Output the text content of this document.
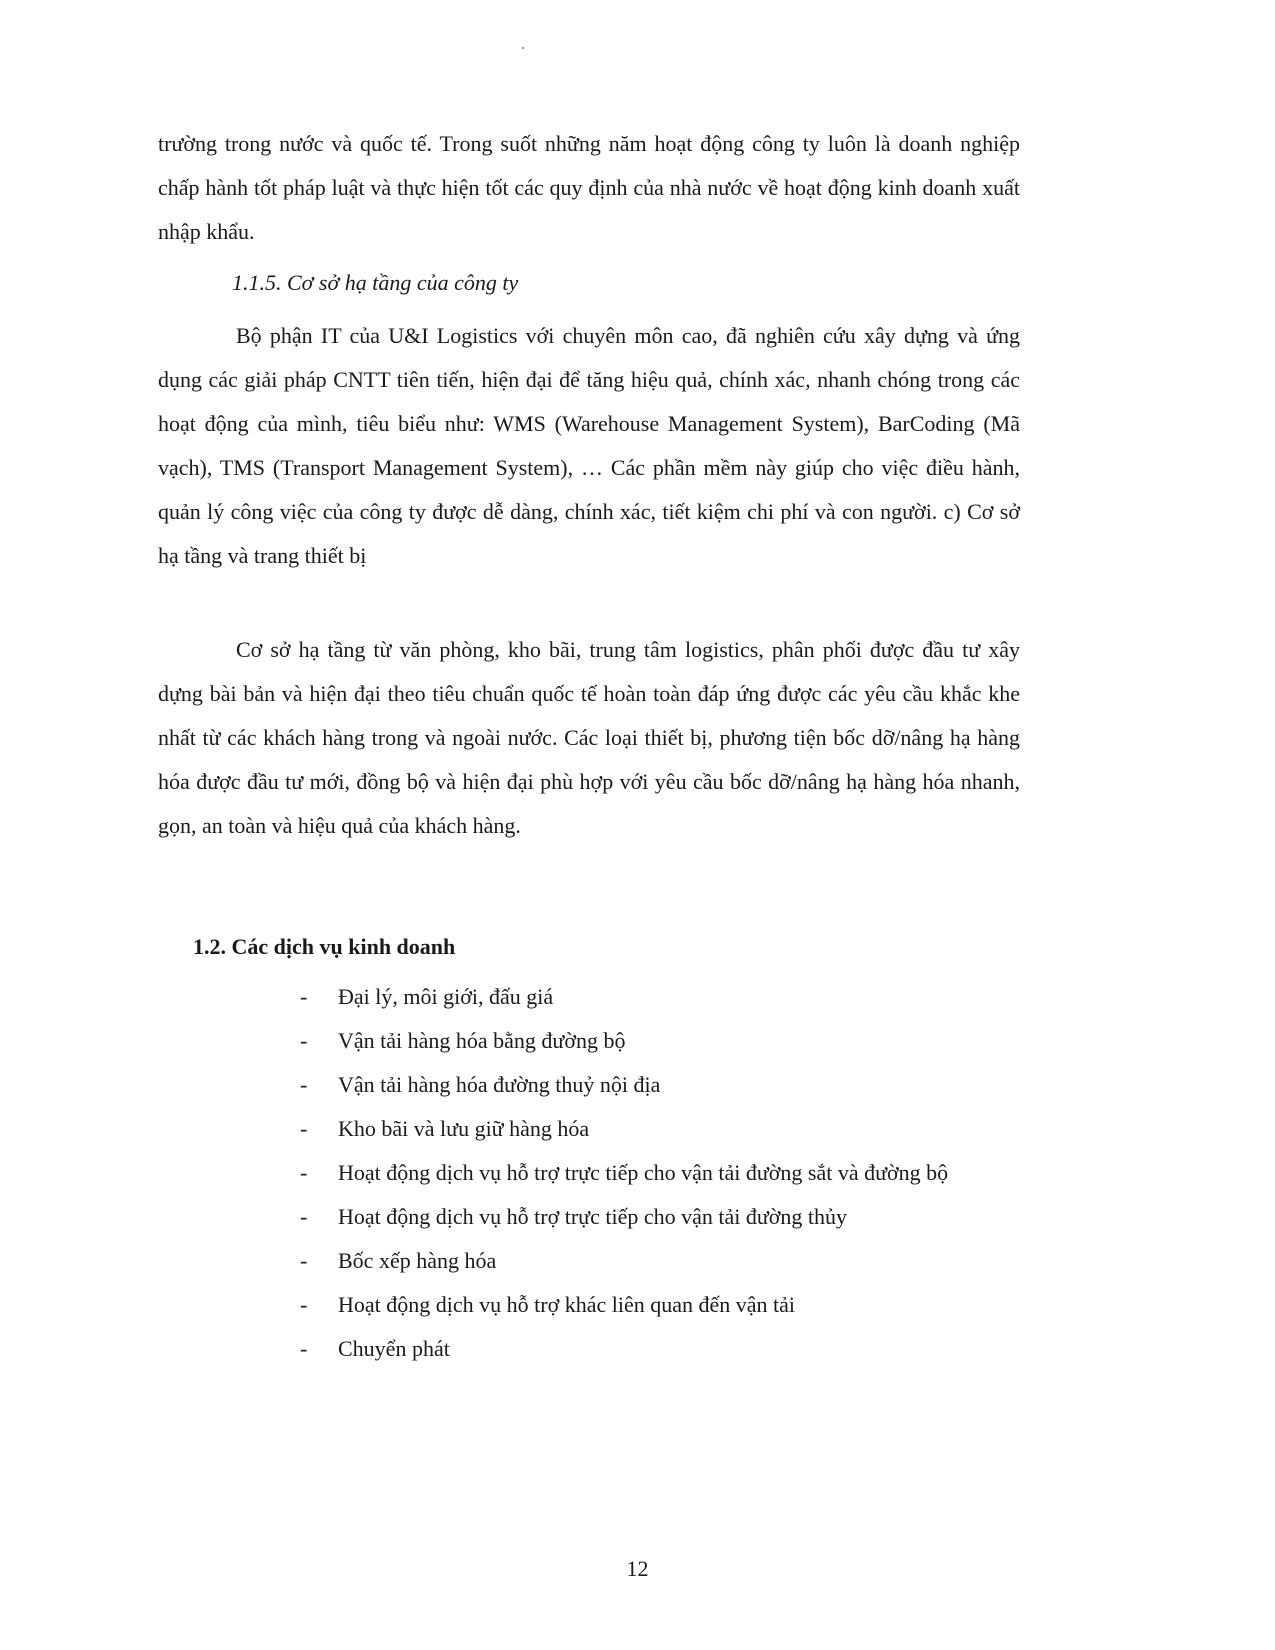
trường trong nước và quốc tế. Trong suốt những năm hoạt động công ty luôn là doanh nghiệp chấp hành tốt pháp luật và thực hiện tốt các quy định của nhà nước về hoạt động kinh doanh xuất nhập khẩu.

1.1.5. Cơ sở hạ tầng của công ty

Bộ phận IT của U&I Logistics với chuyên môn cao, đã nghiên cứu xây dựng và ứng dụng các giải pháp CNTT tiên tiến, hiện đại để tăng hiệu quả, chính xác, nhanh chóng trong các hoạt động của mình, tiêu biểu như: WMS (Warehouse Management System), BarCoding (Mã vạch), TMS (Transport Management System), … Các phần mềm này giúp cho việc điều hành, quản lý công việc của công ty được dễ dàng, chính xác, tiết kiệm chi phí và con người. c) Cơ sở hạ tầng và trang thiết bị

Cơ sở hạ tầng từ văn phòng, kho bãi, trung tâm logistics, phân phối được đầu tư xây dựng bài bản và hiện đại theo tiêu chuẩn quốc tế hoàn toàn đáp ứng được các yêu cầu khắc khe nhất từ các khách hàng trong và ngoài nước. Các loại thiết bị, phương tiện bốc dỡ/nâng hạ hàng hóa được đầu tư mới, đồng bộ và hiện đại phù hợp với yêu cầu bốc dỡ/nâng hạ hàng hóa nhanh, gọn, an toàn và hiệu quả của khách hàng.

1.2. Các dịch vụ kinh doanh

- Đại lý, môi giới, đấu giá
- Vận tải hàng hóa bằng đường bộ
- Vận tải hàng hóa đường thuỷ nội địa
- Kho bãi và lưu giữ hàng hóa
- Hoạt động dịch vụ hỗ trợ trực tiếp cho vận tải đường sắt và đường bộ
- Hoạt động dịch vụ hỗ trợ trực tiếp cho vận tải đường thủy
- Bốc xếp hàng hóa
- Hoạt động dịch vụ hỗ trợ khác liên quan đến vận tải
- Chuyển phát

12
